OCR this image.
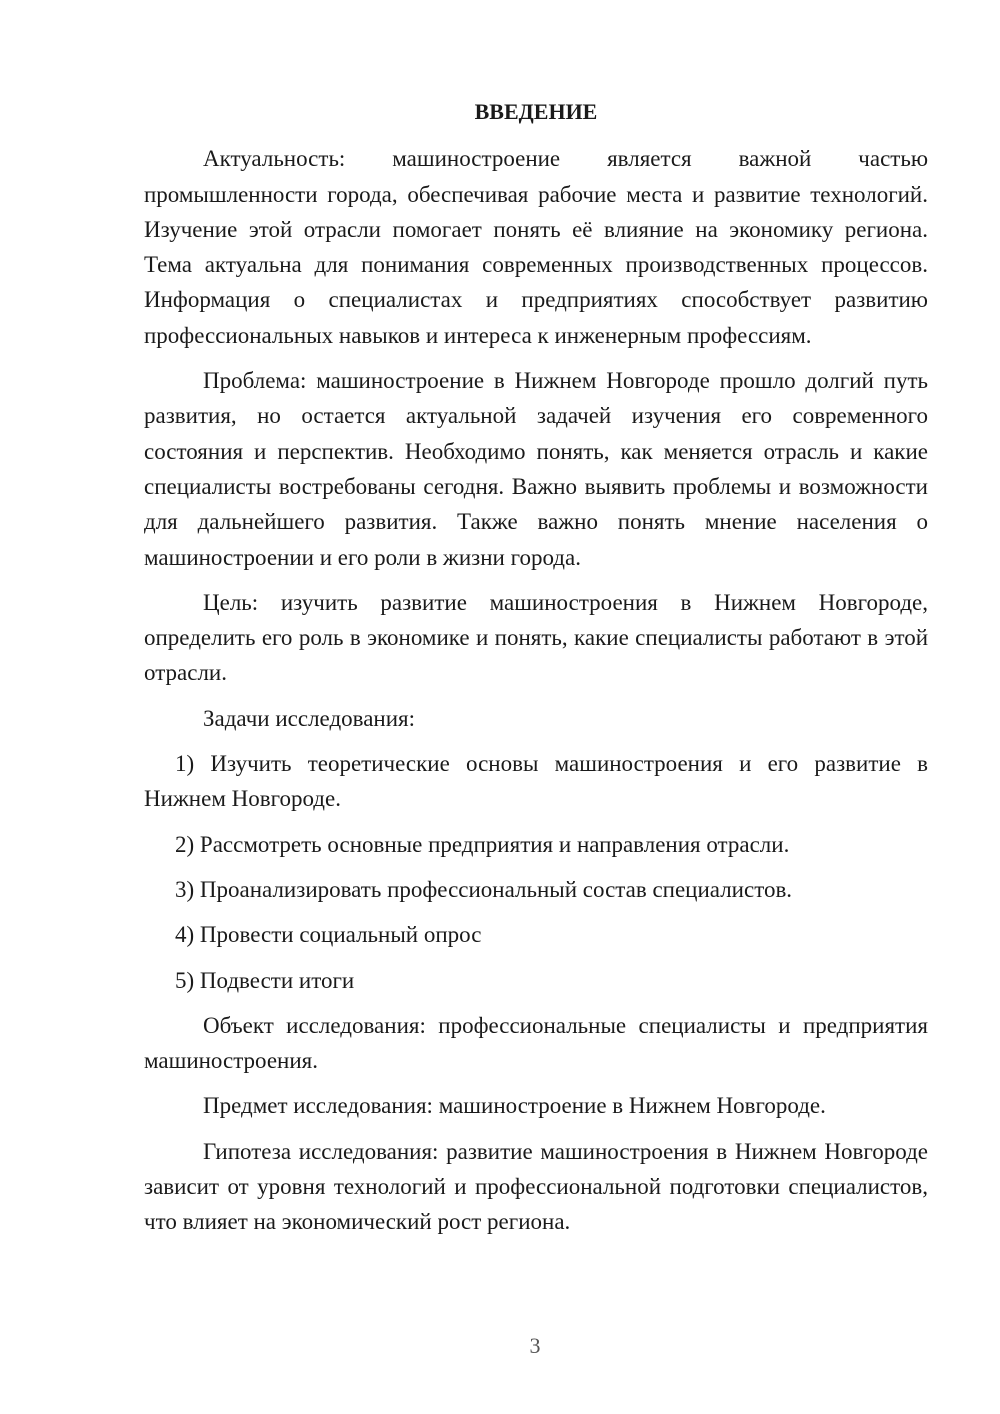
ВВЕДЕНИЕ

Актуальность: машиностроение является важной частью промышленности города, обеспечивая рабочие места и развитие технологий. Изучение этой отрасли помогает понять её влияние на экономику региона. Тема актуальна для понимания современных производственных процессов. Информация о специалистах и предприятиях способствует развитию профессиональных навыков и интереса к инженерным профессиям.

Проблема: машиностроение в Нижнем Новгороде прошло долгий путь развития, но остается актуальной задачей изучения его современного состояния и перспектив. Необходимо понять, как меняется отрасль и какие специалисты востребованы сегодня. Важно выявить проблемы и возможности для дальнейшего развития. Также важно понять мнение населения о машиностроении и его роли в жизни города.

Цель: изучить развитие машиностроения в Нижнем Новгороде, определить его роль в экономике и понять, какие специалисты работают в этой отрасли.

Задачи исследования:

1) Изучить теоретические основы машиностроения и его развитие в Нижнем Новгороде.

2) Рассмотреть основные предприятия и направления отрасли.

3) Проанализировать профессиональный состав специалистов.

4) Провести социальный опрос

5) Подвести итоги

Объект исследования: профессиональные специалисты и предприятия машиностроения.

Предмет исследования: машиностроение в Нижнем Новгороде.

Гипотеза исследования: развитие машиностроения в Нижнем Новгороде зависит от уровня технологий и профессиональной подготовки специалистов, что влияет на экономический рост региона.

3
